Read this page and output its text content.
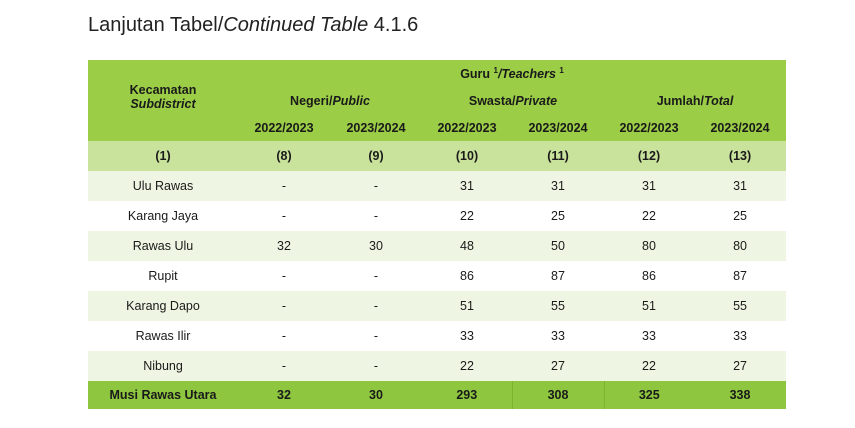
Lanjutan Tabel/Continued Table 4.1.6
Kecamatan
Subdistrict	Guru $^1$/Teachers $^1$
	Negeri/Public		Swasta/Private		Jumlah/Total	
	2022/2023	2023/2024	2022/2023	2023/2024	2022/2023	2023/2024
(1)	(8)	(9)	(10)	(11)	(12)	(13)
Ulu Rawas	-	-	31	31	31	31
Karang Jaya	-	-	22	25	22	25
Rawas Ulu	32	30	48	50	80	80
Rupit	-	-	86	87	86	87
Karang Dapo	-	-	51	55	51	55
Rawas Ilir	-	-	33	33	33	33
Nibung	-	-	22	27	22	27
Musi Rawas Utara	32	30	293	308	325	338
